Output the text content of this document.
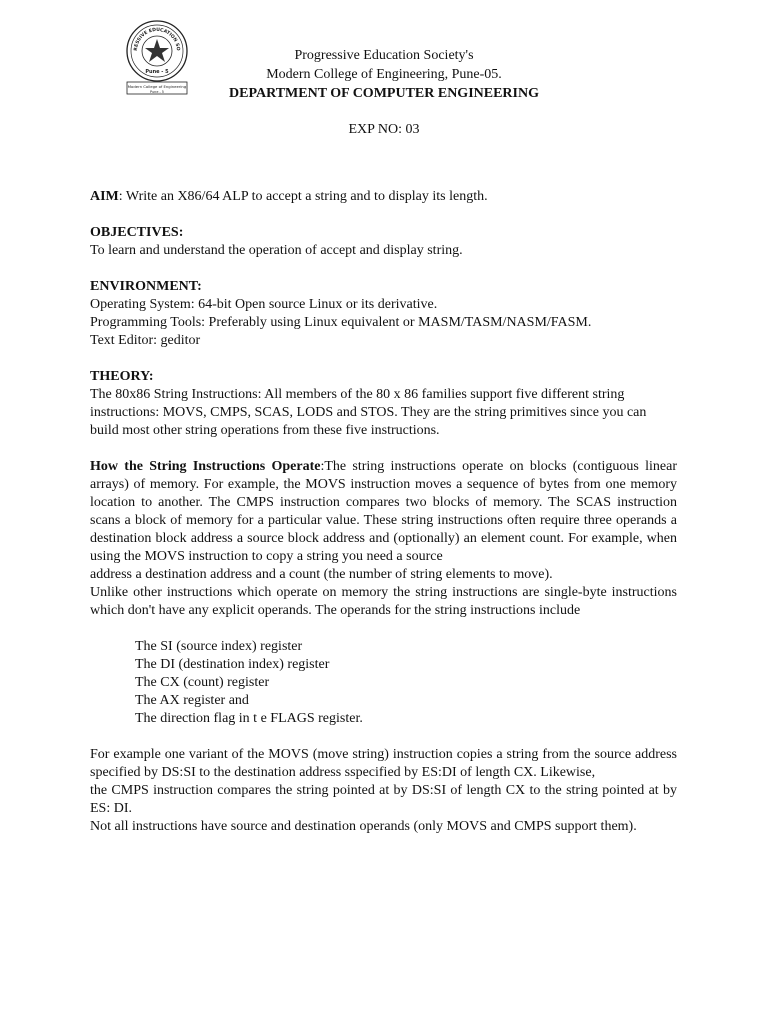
RESSIVE EDUCATION SO
Pune - 5
Modern College of Engineering
Pune - 5
Progressive Education Society's
Modern College of Engineering, Pune-05.
DEPARTMENT OF COMPUTER ENGINEERING
EXP NO: 03

AIM: Write an X86/64 ALP to accept a string and to display its length.

OBJECTIVES:

To learn and understand the operation of accept and display string.

ENVIRONMENT:

Operating System: 64-bit Open source Linux or its derivative.

Programming Tools: Preferably using Linux equivalent or MASM/TASM/NASM/FASM.

Text Editor: geditor

THEORY:

The 80x86 String Instructions: All members of the 80 x 86 families support five different string instructions: MOVS, CMPS, SCAS, LODS and STOS. They are the string primitives since you can build most other string operations from these five instructions.

How the String Instructions Operate:The string instructions operate on blocks (contiguous linear arrays) of memory. For example, the MOVS instruction moves a sequence of bytes from one memory location to another. The CMPS instruction compares two blocks of memory. The SCAS instruction scans a block of memory for a particular value. These string instructions often require three operands a destination block address a source block address and (optionally) an element count. For example, when using the MOVS instruction to copy a string you need a source

address a destination address and a count (the number of string elements to move).

Unlike other instructions which operate on memory the string instructions are single-byte instructions which don't have any explicit operands. The operands for the string instructions include

The SI (source index) register
The DI (destination index) register
The CX (count) register
The AX register and
The direction flag in t e FLAGS register.

For example one variant of the MOVS (move string) instruction copies a string from the source address specified by DS:SI to the destination address sspecified by ES:DI of length CX. Likewise,

the CMPS instruction compares the string pointed at by DS:SI of length CX to the string pointed at by ES: DI.

Not all instructions have source and destination operands (only MOVS and CMPS support them).
